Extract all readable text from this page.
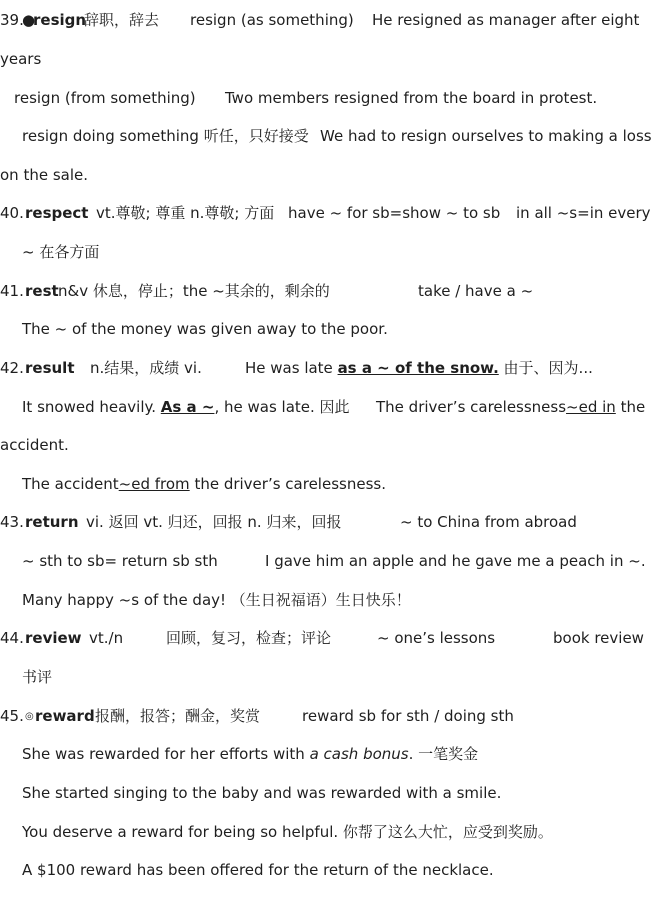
39.
●
resign
辞职，辞去 resign (as something) He resigned as manager after eight
years
resign (from something) Two members resigned from the board in protest.
resign doing something 听任，只好接受 We had to resign ourselves to making a loss
on the sale.
40. respect vt.尊敬; 尊重 n.尊敬; 方面 have ~ for sb=show ~ to sb in all ~s=in every
~ 在各方面
41. rest n&v 休息，停止；the ~其余的，剩余的	take / have a ~
The ~ of the money was given away to the poor.
42. result n.结果，成绩 vi.	He was late as a ~ of the snow. 由于、因为...
It snowed heavily. As a ~, he was late. 因此 The driver’s carelessness~ed in the
accident.
The accident~ed from the driver’s carelessness.
43. return vi. 返回 vt. 归还，回报 n. 归来，回报	~ to China from abroad
~ sth to sb= return sb sth	I gave him an apple and he gave me a peach in ~.
Many happy ~s of the day! （生日祝福语）生日快乐！
44. review vt./n	回顾，复习，检查；评论	~ one’s lessons	book review
书评
45. ◎ reward 报酬，报答；酬金，奖赏	reward sb for sth / doing sth
She was rewarded for her efforts with a cash bonus. 一笔奖金
She started singing to the baby and was rewarded with a smile.
You deserve a reward for being so helpful. 你帮了这么大忙，应受到奖励。
A $100 reward has been offered for the return of the necklace.
